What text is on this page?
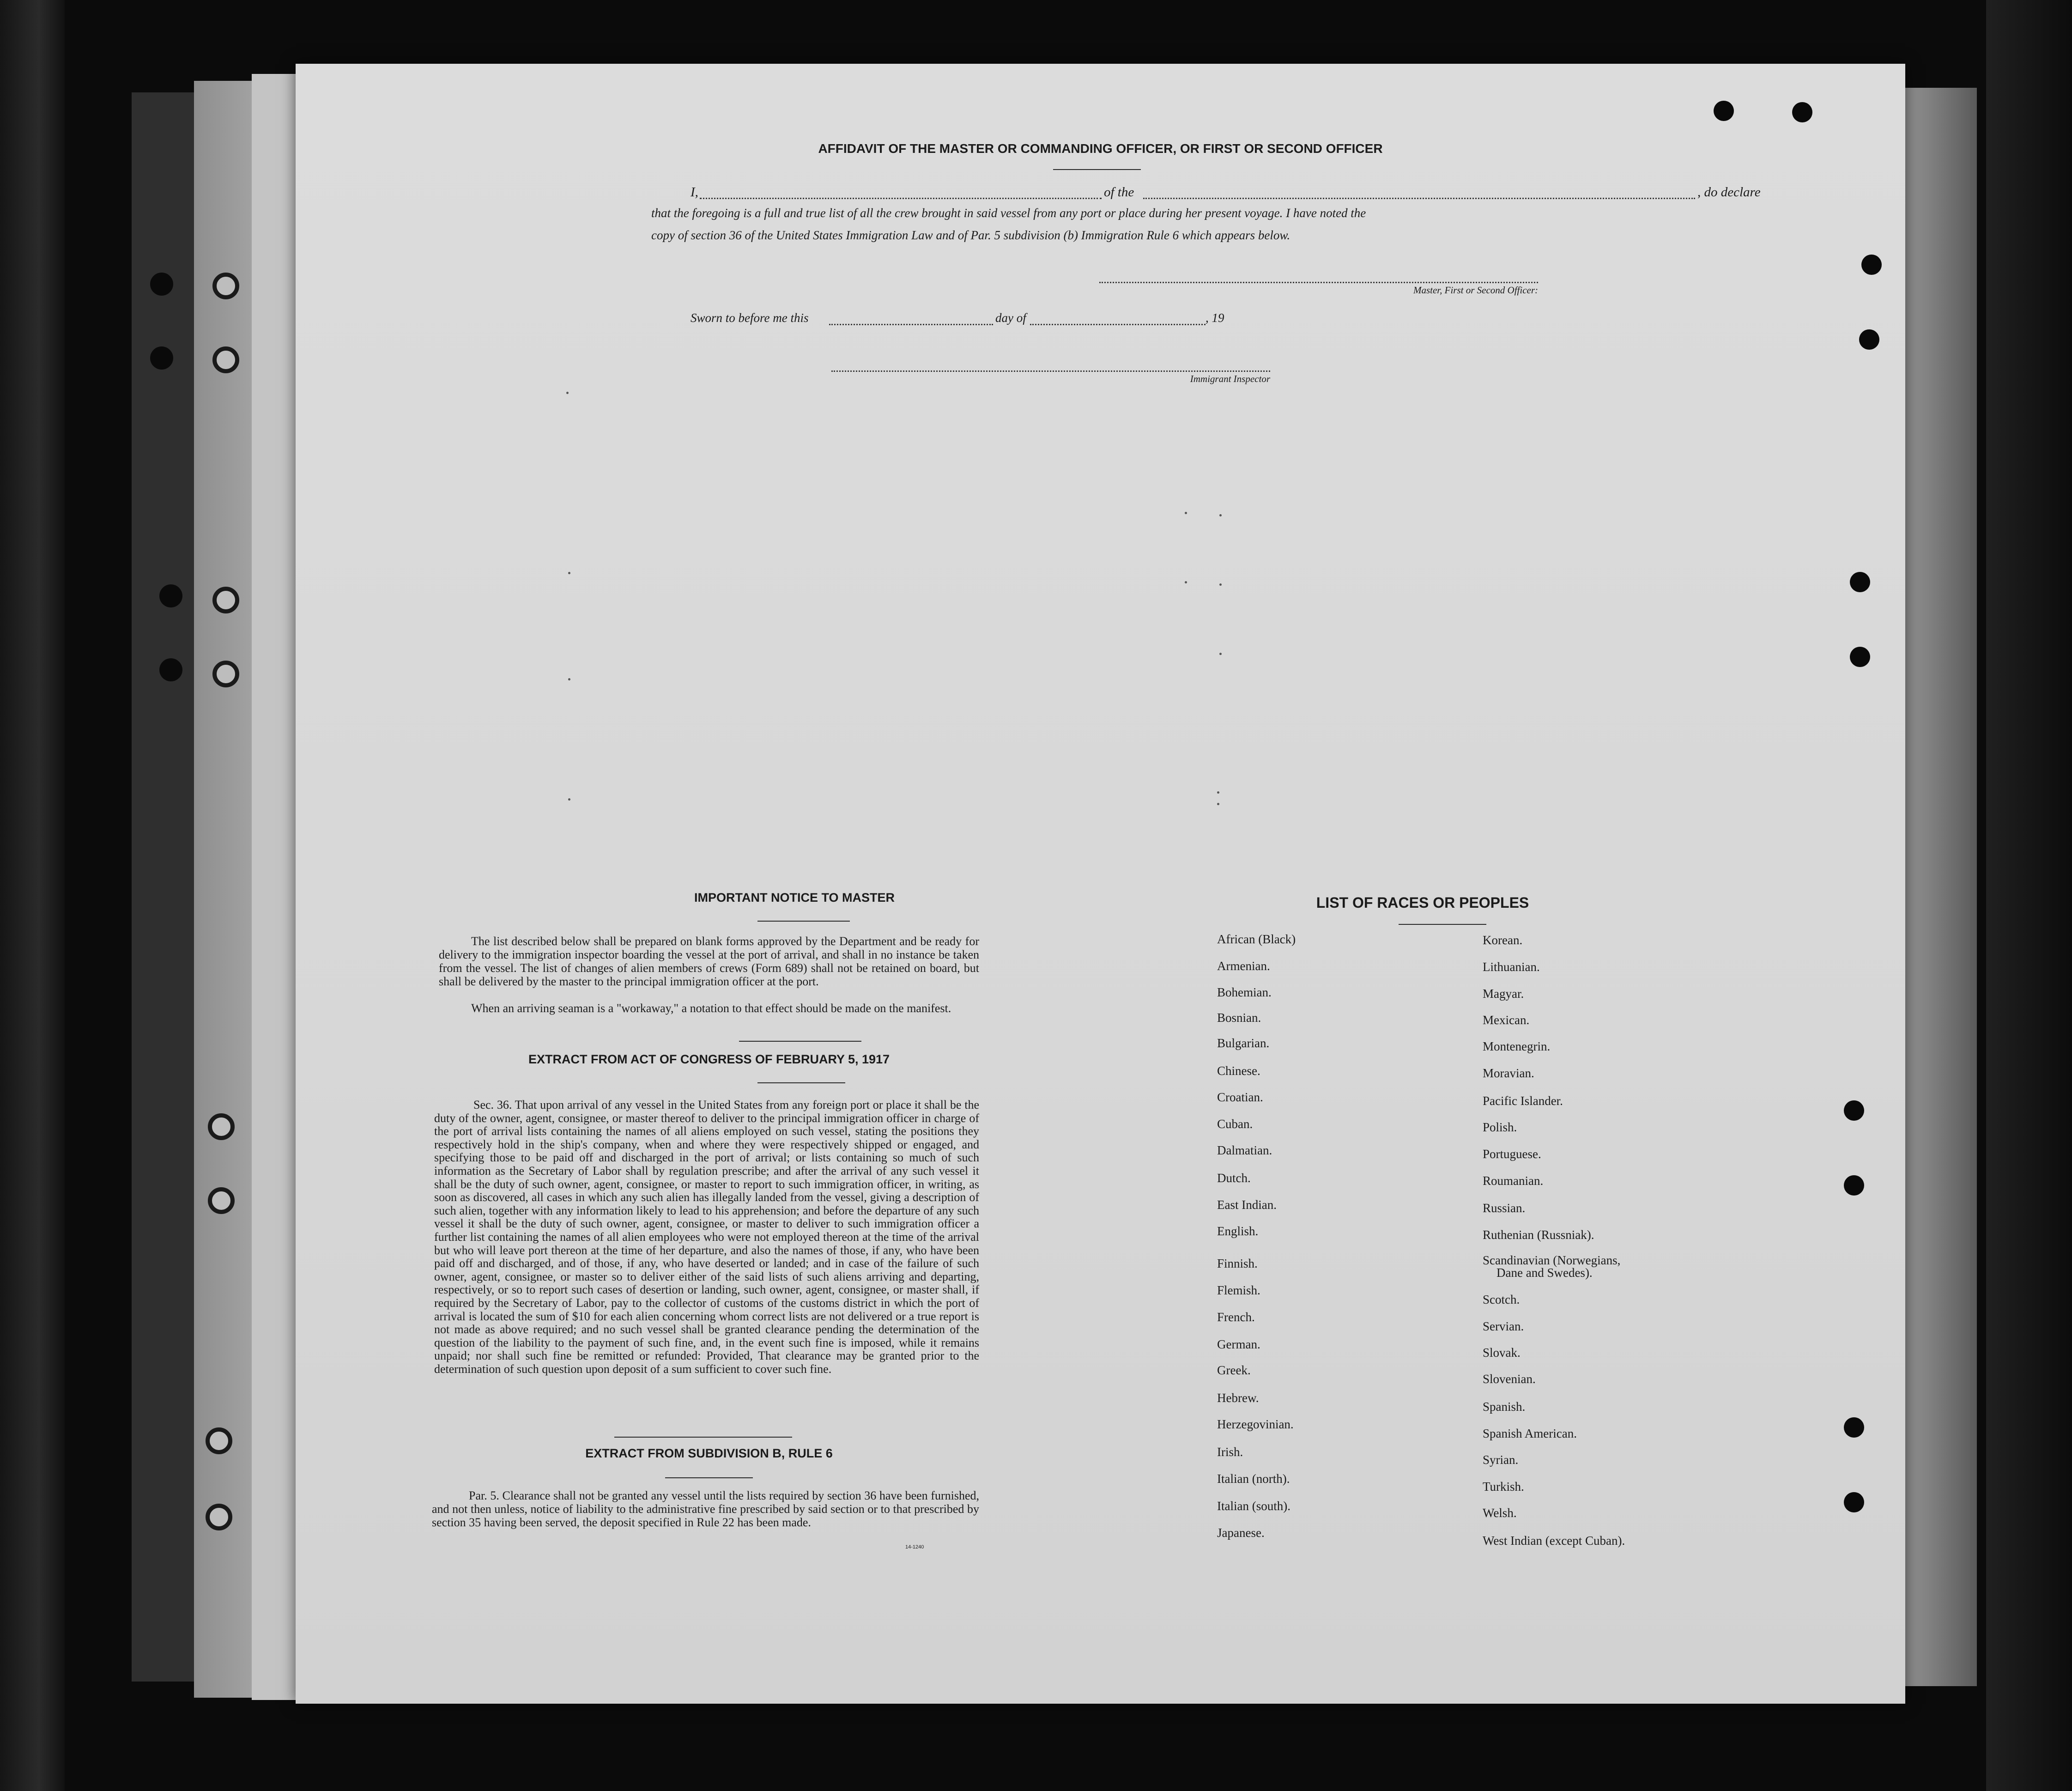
AFFIDAVIT OF THE MASTER OR COMMANDING OFFICER, OR FIRST OR SECOND OFFICER
I,	of the	, do declare
that the foregoing is a full and true list of all the crew brought in said vessel from any port or place during her present voyage. I have noted the
copy of section 36 of the United States Immigration Law and of Par. 5 subdivision (b) Immigration Rule 6 which appears below.
Master, First or Second Officer:
Sworn to before me this	day of	, 19
Immigrant Inspector
IMPORTANT NOTICE TO MASTER
The list described below shall be prepared on blank forms approved by the Department and be ready for delivery to the immigration inspector boarding the vessel at the port of arrival, and shall in no instance be taken from the vessel. The list of changes of alien members of crews (Form 689) shall not be retained on board, but shall be delivered by the master to the principal immigration officer at the port.
When an arriving seaman is a "workaway," a notation to that effect should be made on the manifest.
EXTRACT FROM ACT OF CONGRESS OF FEBRUARY 5, 1917
Sec. 36. That upon arrival of any vessel in the United States from any foreign port or place it shall be the duty of the owner, agent, consignee, or master thereof to deliver to the principal immigration officer in charge of the port of arrival lists containing the names of all aliens employed on such vessel, stating the positions they respectively hold in the ship's company, when and where they were respectively shipped or engaged, and specifying those to be paid off and discharged in the port of arrival; or lists containing so much of such information as the Secretary of Labor shall by regulation prescribe; and after the arrival of any such vessel it shall be the duty of such owner, agent, consignee, or master to report to such immigration officer, in writing, as soon as discovered, all cases in which any such alien has illegally landed from the vessel, giving a description of such alien, together with any information likely to lead to his apprehension; and before the departure of any such vessel it shall be the duty of such owner, agent, consignee, or master to deliver to such immigration officer a further list containing the names of all alien employees who were not employed thereon at the time of the arrival but who will leave port thereon at the time of her departure, and also the names of those, if any, who have been paid off and discharged, and of those, if any, who have deserted or landed; and in case of the failure of such owner, agent, consignee, or master so to deliver either of the said lists of such aliens arriving and departing, respectively, or so to report such cases of desertion or landing, such owner, agent, consignee, or master shall, if required by the Secretary of Labor, pay to the collector of customs of the customs district in which the port of arrival is located the sum of $10 for each alien concerning whom correct lists are not delivered or a true report is not made as above required; and no such vessel shall be granted clearance pending the determination of the question of the liability to the payment of such fine, and, in the event such fine is imposed, while it remains unpaid; nor shall such fine be remitted or refunded: Provided, That clearance may be granted prior to the determination of such question upon deposit of a sum sufficient to cover such fine.
EXTRACT FROM SUBDIVISION B, RULE 6
Par. 5. Clearance shall not be granted any vessel until the lists required by section 36 have been furnished, and not then unless, notice of liability to the administrative fine prescribed by said section or to that prescribed by section 35 having been served, the deposit specified in Rule 22 has been made.
14-1240
LIST OF RACES OR PEOPLES
African (Black)
Armenian.
Bohemian.
Bosnian.
Bulgarian.
Chinese.
Croatian.
Cuban.
Dalmatian.
Dutch.
East Indian.
English.
Finnish.
Flemish.
French.
German.
Greek.
Hebrew.
Herzegovinian.
Irish.
Italian (north).
Italian (south).
Japanese.
Korean.
Lithuanian.
Magyar.
Mexican.
Montenegrin.
Moravian.
Pacific Islander.
Polish.
Portuguese.
Roumanian.
Russian.
Ruthenian (Russniak).
Scandinavian (Norwegians,
Dane and Swedes).
Scotch.
Servian.
Slovak.
Slovenian.
Spanish.
Spanish American.
Syrian.
Turkish.
Welsh.
West Indian (except Cuban).
